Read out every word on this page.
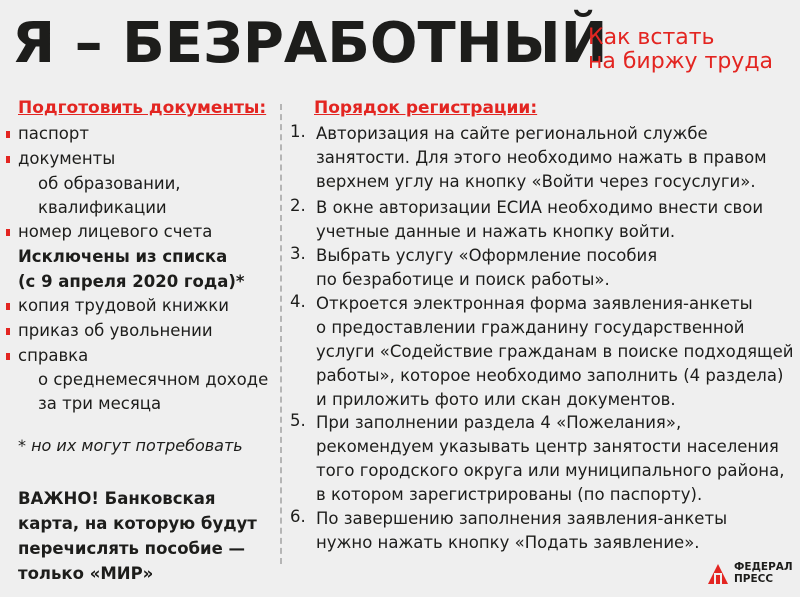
Я – БЕЗРАБОТНЫЙ
Как встать
на биржу труда
Подготовить документы:
паспорт
документы
об образовании,
квалификации
номер лицевого счета
Исключены из списка
(с 9 апреля 2020 года)*
копия трудовой книжки
приказ об увольнении
справка
о среднемесячном доходе
за три месяца
* но их могут потребовать
ВАЖНО! Банковская
карта, на которую будут
перечислять пособие —
только «МИР»
Порядок регистрации:
1. Авторизация на сайте региональной службе
занятости. Для этого необходимо нажать в правом
верхнем углу на кнопку «Войти через госуслуги».
2. В окне авторизации ЕСИА необходимо внести свои
учетные данные и нажать кнопку войти.
3. Выбрать услугу «Оформление пособия
по безработице и поиск работы».
4. Откроется электронная форма заявления-анкеты
о предоставлении гражданину государственной
услуги «Содействие гражданам в поиске подходящей
работы», которое необходимо заполнить (4 раздела)
и приложить фото или скан документов.
5. При заполнении раздела 4 «Пожелания»,
рекомендуем указывать центр занятости населения
того городского округа или муниципального района,
в котором зарегистрированы (по паспорту).
6. По завершению заполнения заявления-анкеты
нужно нажать кнопку «Подать заявление».
ФЕДЕРАЛ
ПРЕСС
